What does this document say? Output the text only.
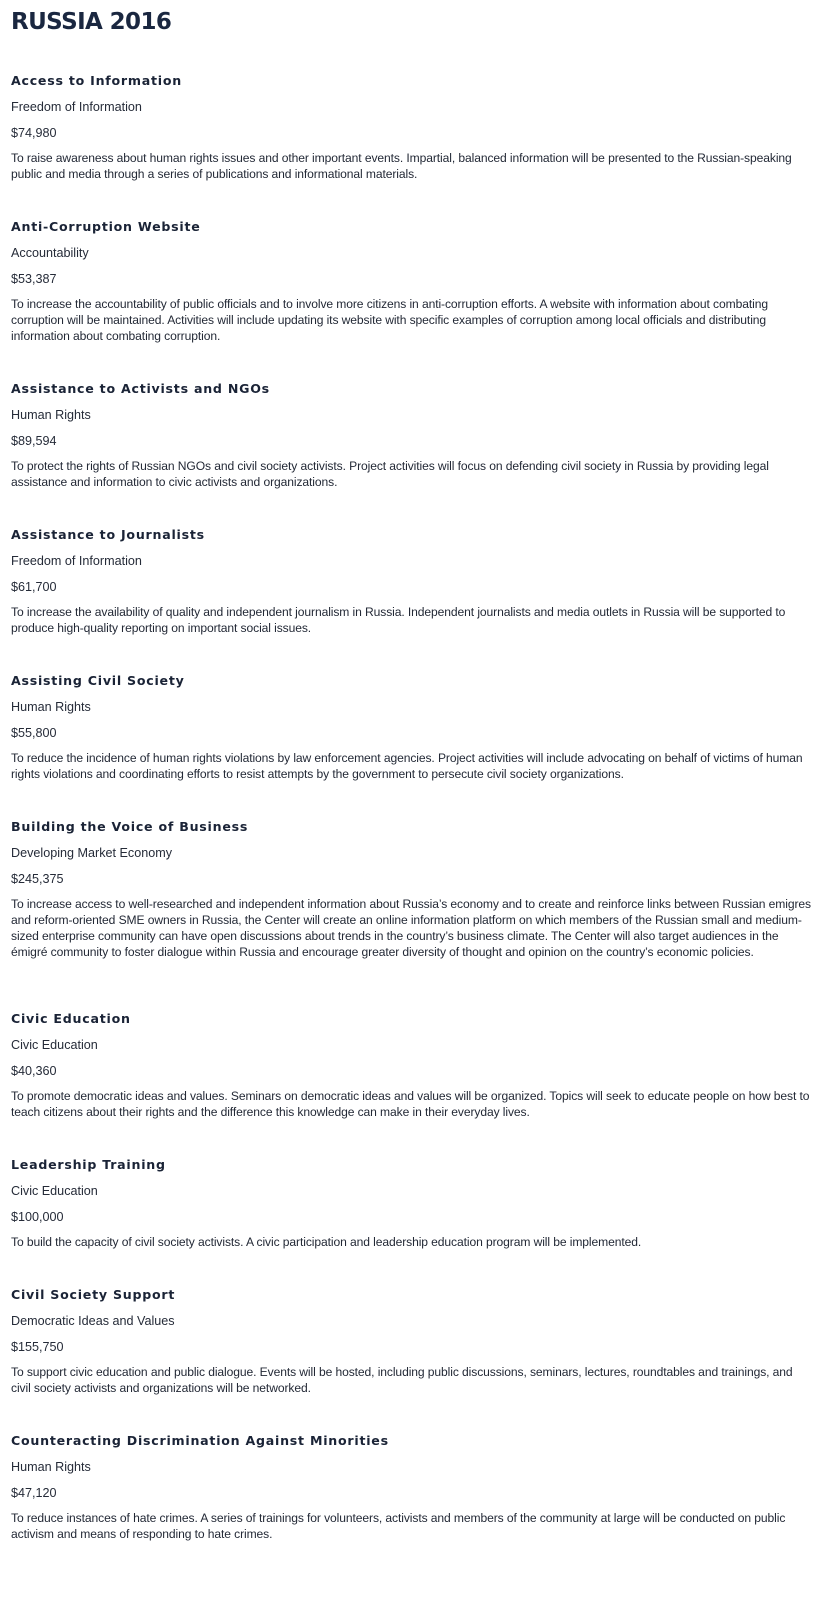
RUSSIA 2016
Access to Information

Freedom of Information

$74,980

To raise awareness about human rights issues and other important events. Impartial, balanced information will be presented to the Russian-speaking public and media through a series of publications and informational materials.

Anti-Corruption Website

Accountability

$53,387

To increase the accountability of public officials and to involve more citizens in anti-corruption efforts. A website with information about combating corruption will be maintained. Activities will include updating its website with specific examples of corruption among local officials and distributing information about combating corruption.

Assistance to Activists and NGOs

Human Rights

$89,594

To protect the rights of Russian NGOs and civil society activists. Project activities will focus on defending civil society in Russia by providing legal assistance and information to civic activists and organizations.

Assistance to Journalists

Freedom of Information

$61,700

To increase the availability of quality and independent journalism in Russia. Independent journalists and media outlets in Russia will be supported to produce high-quality reporting on important social issues.

Assisting Civil Society

Human Rights

$55,800

To reduce the incidence of human rights violations by law enforcement agencies. Project activities will include advocating on behalf of victims of human rights violations and coordinating efforts to resist attempts by the government to persecute civil society organizations.

Building the Voice of Business

Developing Market Economy

$245,375

To increase access to well-researched and independent information about Russia’s economy and to create and reinforce links between Russian emigres and reform-oriented SME owners in Russia, the Center will create an online information platform on which members of the Russian small and medium-sized enterprise community can have open discussions about trends in the country’s business climate. The Center will also target audiences in the émigré community to foster dialogue within Russia and encourage greater diversity of thought and opinion on the country’s economic policies.

Civic Education

Civic Education

$40,360

To promote democratic ideas and values. Seminars on democratic ideas and values will be organized. Topics will seek to educate people on how best to teach citizens about their rights and the difference this knowledge can make in their everyday lives.

Leadership Training

Civic Education

$100,000

To build the capacity of civil society activists. A civic participation and leadership education program will be implemented.

Civil Society Support

Democratic Ideas and Values

$155,750

To support civic education and public dialogue. Events will be hosted, including public discussions, seminars, lectures, roundtables and trainings, and civil society activists and organizations will be networked.

Counteracting Discrimination Against Minorities

Human Rights

$47,120

To reduce instances of hate crimes. A series of trainings for volunteers, activists and members of the community at large will be conducted on public activism and means of responding to hate crimes.
